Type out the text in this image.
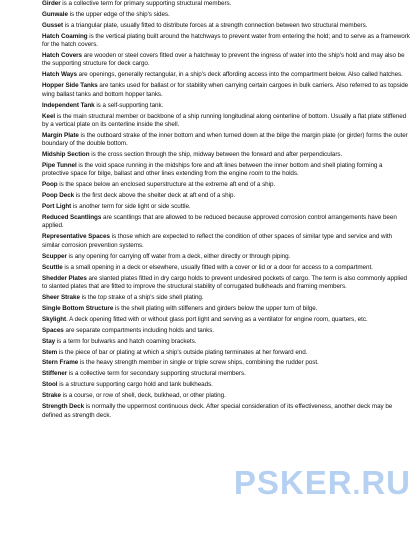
Girder is a collective term for primary supporting structural members.
Gunwale is the upper edge of the ship's sides.
Gusset is a triangular plate, usually fitted to distribute forces at a strength connection between two structural members.
Hatch Coaming is the vertical plating built around the hatchways to prevent water from entering the hold; and to serve as a framework for the hatch covers.
Hatch Covers are wooden or steel covers fitted over a hatchway to prevent the ingress of water into the ship's hold and may also be the supporting structure for deck cargo.
Hatch Ways are openings, generally rectangular, in a ship's deck affording access into the compartment below. Also called hatches.
Hopper Side Tanks are tanks used for ballast or for stability when carrying certain cargoes in bulk carriers. Also referred to as topside wing ballast tanks and bottom hopper tanks.
Independent Tank is a self-supporting tank.
Keel is the main structural member or backbone of a ship running longitudinal along centerline of bottom. Usually a flat plate stiffened by a vertical plate on its centerline inside the shell.
Margin Plate is the outboard strake of the inner bottom and when turned down at the bilge the margin plate (or girder) forms the outer boundary of the double bottom.
Midship Section is the cross section through the ship, midway between the forward and after perpendiculars.
Pipe Tunnel is the void space running in the midships fore and aft lines between the inner bottom and shell plating forming a protective space for bilge, ballast and other lines extending from the engine room to the holds.
Poop is the space below an enclosed superstructure at the extreme aft end of a ship.
Poop Deck is the first deck above the shelter deck at aft end of a ship.
Port Light is another term for side light or side scuttle.
Reduced Scantlings are scantlings that are allowed to be reduced because approved corrosion control arrangements have been applied.
Representative Spaces is those which are expected to reflect the condition of other spaces of similar type and service and with similar corrosion prevention systems.
Scupper is any opening for carrying off water from a deck, either directly or through piping.
Scuttle is a small opening in a deck or elsewhere, usually fitted with a cover or lid or a door for access to a compartment.
Shedder Plates are slanted plates fitted in dry cargo holds to prevent undesired pockets of cargo. The term is also commonly applied to slanted plates that are fitted to improve the structural stability of corrugated bulkheads and framing members.
Sheer Strake is the top strake of a ship's side shell plating.
Single Bottom Structure is the shell plating with stiffeners and girders below the upper turn of bilge.
Skylight. A deck opening fitted with or without glass port light and serving as a ventilator for engine room, quarters, etc.
Spaces are separate compartments including holds and tanks.
Stay is a term for bulwarks and hatch coaming brackets.
Stem is the piece of bar or plating at which a ship's outside plating terminates at her forward end.
Stern Frame is the heavy strength member in single or triple screw ships, combining the rudder post.
Stiffener is a collective term for secondary supporting structural members.
Stool is a structure supporting cargo hold and tank bulkheads.
Strake is a course, or row of shell, deck, bulkhead, or other plating.
Strength Deck is normally the uppermost continuous deck. After special consideration of its effectiveness, another deck may be defined as strength deck.
PSKER.RU
